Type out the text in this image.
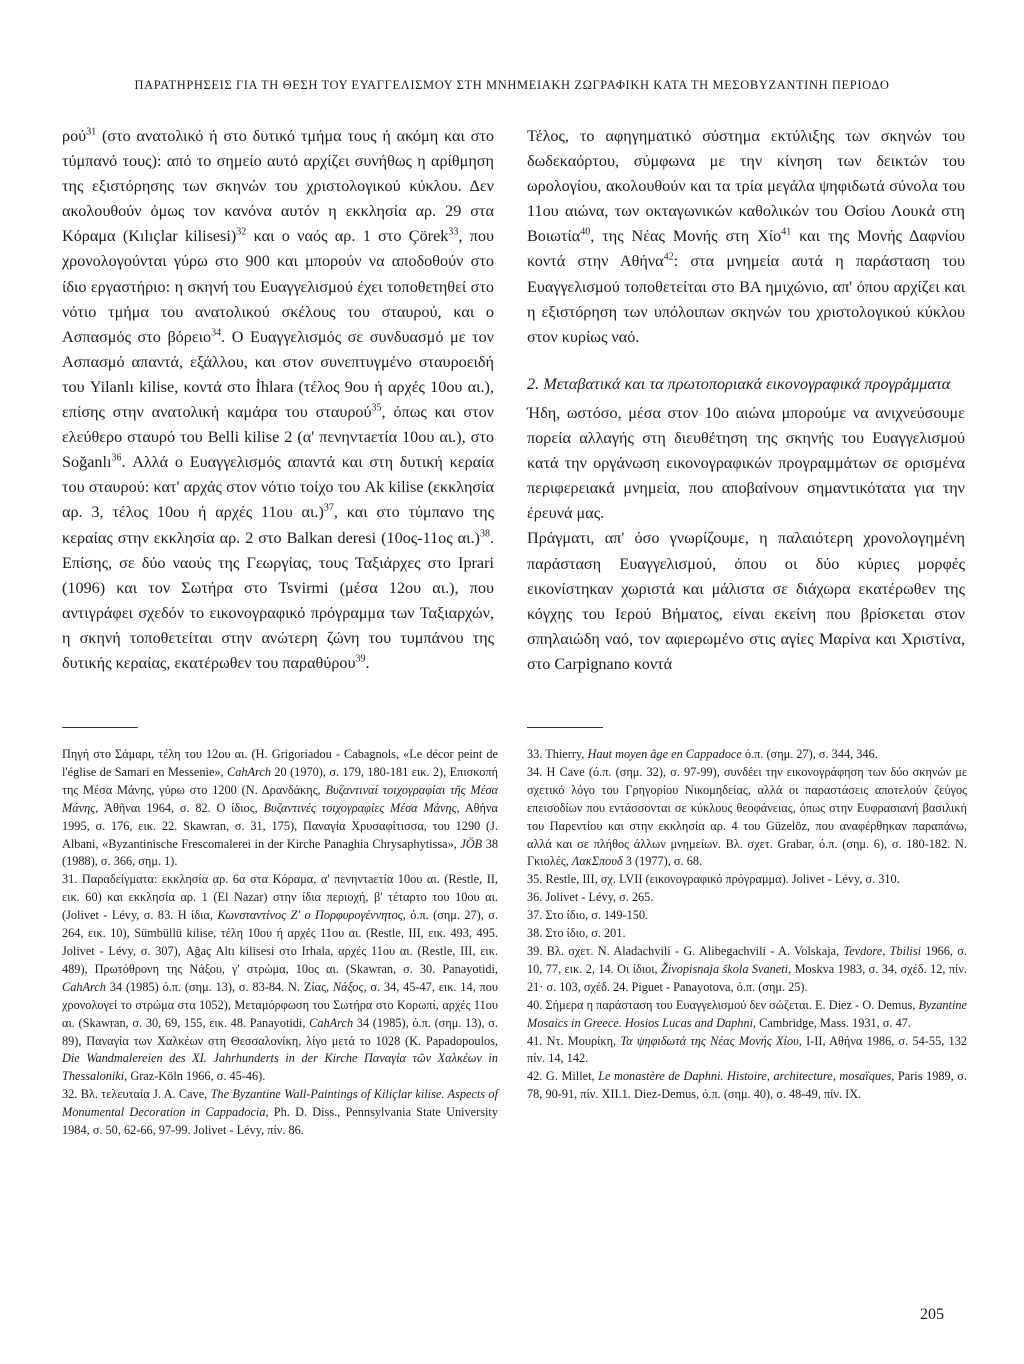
ΠΑΡΑΤΗΡΗΣΕΙΣ ΓΙΑ ΤΗ ΘΕΣΗ ΤΟΥ ΕΥΑΓΓΕΛΙΣΜΟΥ ΣΤΗ ΜΝΗΜΕΙΑΚΗ ΖΩΓΡΑΦΙΚΗ ΚΑΤΑ ΤΗ ΜΕΣΟΒΥΖΑΝΤΙΝΗ ΠΕΡΙΟΔΟ

ρού$^{31}$ (στο ανατολικό ή στο δυτικό τμήμα τους ή ακόμη και στο τύμπανό τους): από το σημείο αυτό αρχίζει συνήθως η αρίθμηση της εξιστόρησης των σκηνών του χριστολογικού κύκλου. Δεν ακολουθούν όμως τον κανόνα αυτόν η εκκλησία αρ. 29 στα Κόραμα (Kılıçlar kilisesi)$^{32}$ και ο ναός αρ. 1 στο Çörek$^{33}$, που χρονολογούνται γύρω στο 900 και μπορούν να αποδοθούν στο ίδιο εργαστήριο: η σκηνή του Ευαγγελισμού έχει τοποθετηθεί στο νότιο τμήμα του ανατολικού σκέλους του σταυρού, και ο Ασπασμός στο βόρειο$^{34}$. Ο Ευαγγελισμός σε συνδυασμό με τον Ασπασμό απαντά, εξάλλου, και στον συνεπτυγμένο σταυροειδή του Yilanlı kilise, κοντά στο İhlara (τέλος 9ου ή αρχές 10ου αι.), επίσης στην ανατολική καμάρα του σταυρού$^{35}$, όπως και στον ελεύθερο σταυρό του Belli kilise 2 (α' πενηντaετία 10ου αι.), στο Soğanlı$^{36}$. Αλλά ο Ευαγγελισμός απαντά και στη δυτική κεραία του σταυρού: κατ' αρχάς στον νότιο τοίχο του Ak kilise (εκκλησία αρ. 3, τέλος 10ου ή αρχές 11ου αι.)$^{37}$, και στο τύμπανο της κεραίας στην εκκλησία αρ. 2 στο Balkan deresi (10ος-11ος αι.)$^{38}$. Επίσης, σε δύο ναούς της Γεωργίας, τους Ταξιάρχες στο Iprari (1096) και τον Σωτήρα στο Tsvirmi (μέσα 12ου αι.), που αντιγράφει σχεδόν το εικονογραφικό πρόγραμμα των Ταξιαρχών, η σκηνή τοποθετείται στην ανώτερη ζώνη του τυμπάνου της δυτικής κεραίας, εκατέρωθεν του παραθύρου$^{39}$.

Τέλος, το αφηγηματικό σύστημα εκτύλιξης των σκηνών του δωδεκαόρτου, σύμφωνα με την κίνηση των δεικτών του ωρολογίου, ακολουθούν και τα τρία μεγάλα ψηφιδωτά σύνολα του 11ου αιώνα, των οκταγωνικών καθολικών του Οσίου Λουκά στη Βοιωτία$^{40}$, της Νέας Μονής στη Χίο$^{41}$ και της Μονής Δαφνίου κοντά στην Αθήνα$^{42}$: στα μνημεία αυτά η παράσταση του Ευαγγελισμού τοποθετείται στο ΒΑ ημιχώνιο, απ' όπου αρχίζει και η εξιστόρηση των υπόλοιπων σκηνών του χριστολογικού κύκλου στον κυρίως ναό.

2. Μεταβατικά και τα πρωτοποριακά εικονογραφικά προγράμματα

Ήδη, ωστόσο, μέσα στον 10ο αιώνα μπορούμε να ανιχνεύσουμε πορεία αλλαγής στη διευθέτηση της σκηνής του Ευαγγελισμού κατά την οργάνωση εικονογραφικών προγραμμάτων σε ορισμένα περιφερειακά μνημεία, που αποβαίνουν σημαντικότατα για την έρευνά μας.

Πράγματι, απ' όσο γνωρίζουμε, η παλαιότερη χρονολογημένη παράσταση Ευαγγελισμού, όπου οι δύο κύριες μορφές εικονίστηκαν χωριστά και μάλιστα σε διάχωρα εκατέρωθεν της κόγχης του Ιερού Βήματος, είναι εκείνη που βρίσκεται στον σπηλαιώδη ναό, τον αφιερωμένο στις αγίες Μαρίνα και Χριστίνα, στο Carpignano κοντά

Πηγή στο Σάμαρι, τέλη του 12ου αι. (H. Grigoriadou - Cabagnols, «Le décor peint de l'église de Samari en Messenie», CahArch 20 (1970), σ. 179, 180-181 εικ. 2), Επισκοπή της Μέσα Μάνης, γύρω στο 1200 (Ν. Δρανδάκης, Βυζαντιναί τοιχογραφίαι τῆς Μέσα Μάνης, Ἀθῆναι 1964, σ. 82. Ο ίδιος, Βυζαντινές τοιχογραφίες Μέσα Μάνης, Αθήνα 1995, σ. 176, εικ. 22. Skawran, σ. 31, 175), Παναγία Χρυσαφίτισσα, του 1290 (J. Albani, «Byzantinische Frescomalerei in der Kirche Panaghia Chrysaphytissa», JÖB 38 (1988), σ. 366, σημ. 1).

31. Παραδείγματα: εκκλησία αρ. 6α στα Κόραμα, α' πενηντaετία 10ου αι. (Restle, II, εικ. 60) και εκκλησία αρ. 1 (El Nazar) στην ίδια περιοχή, β' τέταρτο του 10ου αι. (Jolivet - Lévy, σ. 83. Η ίδια, Κωνσταντίνος Ζ' ο Πορφυρογέννητος, ό.π. (σημ. 27), σ. 264, εικ. 10), Sümbüllü kilise, τέλη 10ου ή αρχές 11ου αι. (Restle, III, εικ. 493, 495. Jolivet - Lévy, σ. 307), Ağaç Altı kilisesi στο Irhala, αρχές 11ου αι. (Restle, III, εικ. 489), Πρωτόθρονη της Νάξου, γ' στρώμα, 10ος αι. (Skawran, σ. 30. Panayotidi, CahArch 34 (1985) ό.π. (σημ. 13), σ. 83-84. Ν. Ζίας, Νάξος, σ. 34, 45-47, εικ. 14, που χρονολογεί το στρώμα στα 1052), Μεταμόρφωση του Σωτήρα στο Κορωπί, αρχές 11ου αι. (Skawran, σ. 30, 69, 155, εικ. 48. Panayotidi, CahArch 34 (1985), ό.π. (σημ. 13), σ. 89), Παναγία των Χαλκέων στη Θεσσαλονίκη, λίγο μετά το 1028 (K. Papadopoulos, Die Wandmalereien des XI. Jahrhunderts in der Kirche Παναγία τῶν Χαλκέων in Thessaloniki, Graz-Köln 1966, σ. 45-46).

32. Βλ. τελευταία J. A. Cave, The Byzantine Wall-Paintings of Kiliçlar kilise. Aspects of Monumental Decoration in Cappadocia, Ph. D. Diss., Pennsylvania State University 1984, σ. 50, 62-66, 97-99. Jolivet - Lévy, πίν. 86.

33. Thierry, Haut moyen âge en Cappadoce ό.π. (σημ. 27), σ. 344, 346.

34. Η Cave (ό.π. (σημ. 32), σ. 97-99), συνδέει την εικονογράφηση των δύο σκηνών με σχετικό λόγο του Γρηγορίου Νικομηδείας, αλλά οι παραστάσεις αποτελούν ζεύγος επεισοδίων που εντάσσονται σε κύκλους θεοφάνειας, όπως στην Ευφρασιανή βασιλική του Παρεντίου και στην εκκλησία αρ. 4 του Güzelöz, που αναφέρθηκαν παραπάνω, αλλά και σε πλήθος άλλων μνημείων. Βλ. σχετ. Grabar, ό.π. (σημ. 6), σ. 180-182. Ν. Γκιολές, ΛακΣπουδ 3 (1977), σ. 68.

35. Restle, III, σχ. LVII (εικονογραφικό πρόγραμμα). Jolivet - Lévy, σ. 310.

36. Jolivet - Lévy, σ. 265.

37. Στο ίδιο, σ. 149-150.

38. Στο ίδιο, σ. 201.

39. Βλ. σχετ. N. Aladachvili - G. Alibegachvili - A. Volskaja, Tevdore, Tbilisi 1966, σ. 10, 77, εικ. 2, 14. Οι ίδιοι, Živopisnaja škola Svaneti, Moskva 1983, σ. 34, σχέδ. 12, πίν. 21· σ. 103, σχέδ. 24. Piguet - Panayotova, ό.π. (σημ. 25).

40. Σήμερα η παράσταση του Ευαγγελισμού δεν σώζεται. E. Diez - O. Demus, Byzantine Mosaics in Greece. Hosios Lucas and Daphni, Cambridge, Mass. 1931, σ. 47.

41. Ντ. Μουρίκη, Τα ψηφιδωτά της Νέας Μονής Χίου, Ι-ΙΙ, Αθήνα 1986, σ. 54-55, 132 πίν. 14, 142.

42. G. Millet, Le monastère de Daphni. Histoire, architecture, mosaïques, Paris 1989, σ. 78, 90-91, πίν. XII.1. Diez-Demus, ό.π. (σημ. 40), σ. 48-49, πίν. IX.

205
